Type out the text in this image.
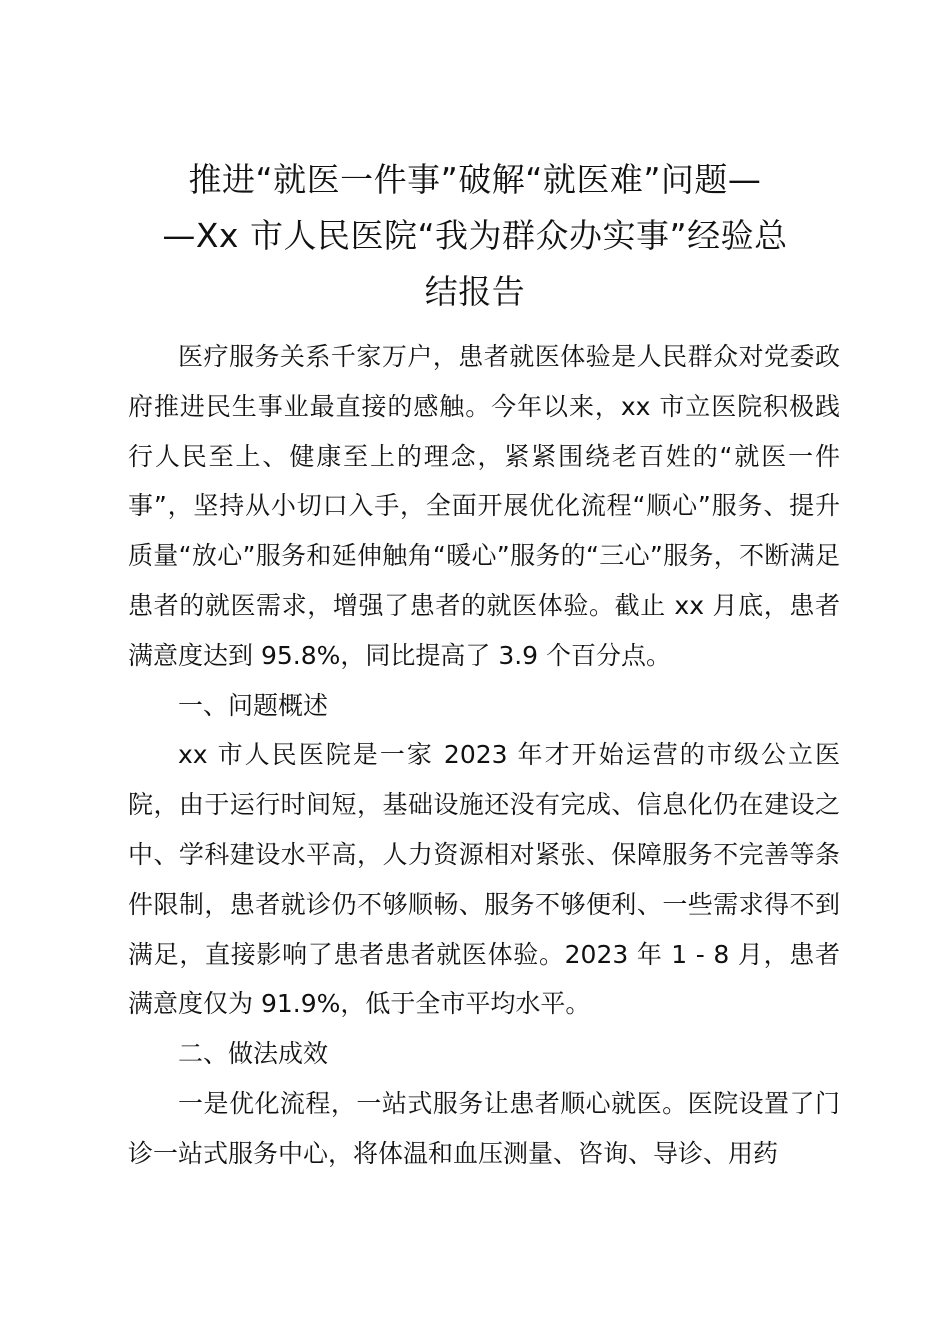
推进“就医一件事”破解“就医难”问题—
—Xx 市人民医院“我为群众办实事”经验总
结报告

医疗服务关系千家万户，患者就医体验是人民群众对党委政府推进民生事业最直接的感触。今年以来，xx 市立医院积极践行人民至上、健康至上的理念，紧紧围绕老百姓的“就医一件事”，坚持从小切口入手，全面开展优化流程“顺心”服务、提升质量“放心”服务和延伸触角“暖心”服务的“三心”服务，不断满足患者的就医需求，增强了患者的就医体验。截止 xx 月底，患者满意度达到 95.8%，同比提高了 3.9 个百分点。

一、问题概述

xx 市人民医院是一家 2023 年才开始运营的市级公立医院，由于运行时间短，基础设施还没有完成、信息化仍在建设之中、学科建设水平高，人力资源相对紧张、保障服务不完善等条件限制，患者就诊仍不够顺畅、服务不够便利、一些需求得不到满足，直接影响了患者患者就医体验。2023 年 1 - 8 月，患者满意度仅为 91.9%，低于全市平均水平。

二、做法成效

一是优化流程，一站式服务让患者顺心就医。医院设置了门诊一站式服务中心，将体温和血压测量、咨询、导诊、用药
